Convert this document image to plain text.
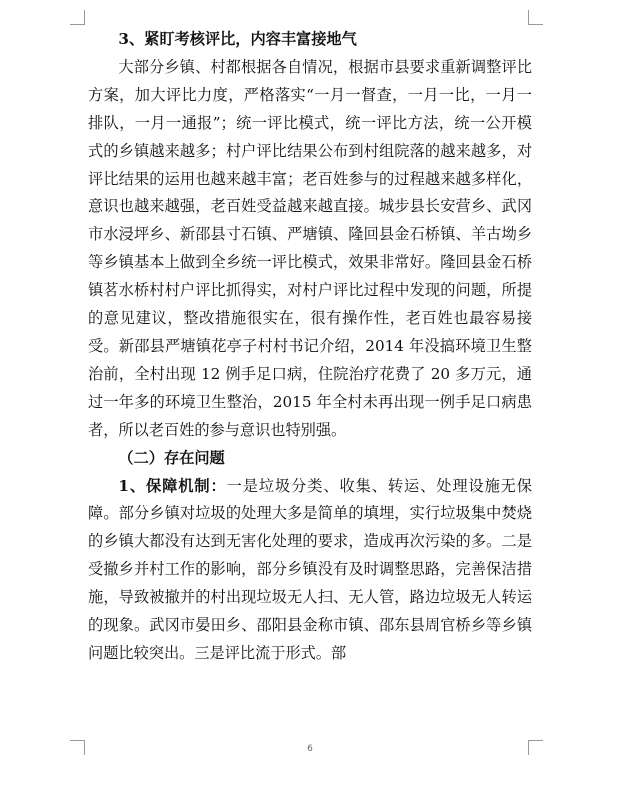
3、紧盯考核评比，内容丰富接地气

大部分乡镇、村都根据各自情况，根据市县要求重新调整评比方案，加大评比力度，严格落实“一月一督查，一月一比，一月一排队，一月一通报”；统一评比模式，统一评比方法，统一公开模式的乡镇越来越多；村户评比结果公布到村组院落的越来越多，对评比结果的运用也越来越丰富；老百姓参与的过程越来越多样化，意识也越来越强，老百姓受益越来越直接。城步县长安营乡、武冈市水浸坪乡、新邵县寸石镇、严塘镇、隆回县金石桥镇、羊古坳乡等乡镇基本上做到全乡统一评比模式，效果非常好。隆回县金石桥镇茗水桥村村户评比抓得实，对村户评比过程中发现的问题，所提的意见建议，整改措施很实在，很有操作性，老百姓也最容易接受。新邵县严塘镇花亭子村村书记介绍，2014 年没搞环境卫生整治前，全村出现 12 例手足口病，住院治疗花费了 20 多万元，通过一年多的环境卫生整治，2015 年全村未再出现一例手足口病患者，所以老百姓的参与意识也特别强。

（二）存在问题

1、保障机制：一是垃圾分类、收集、转运、处理设施无保障。部分乡镇对垃圾的处理大多是简单的填埋，实行垃圾集中焚烧的乡镇大都没有达到无害化处理的要求，造成再次污染的多。二是受撤乡并村工作的影响，部分乡镇没有及时调整思路，完善保洁措施，导致被撤并的村出现垃圾无人扫、无人管，路边垃圾无人转运的现象。武冈市晏田乡、邵阳县金称市镇、邵东县周官桥乡等乡镇问题比较突出。三是评比流于形式。部

6
